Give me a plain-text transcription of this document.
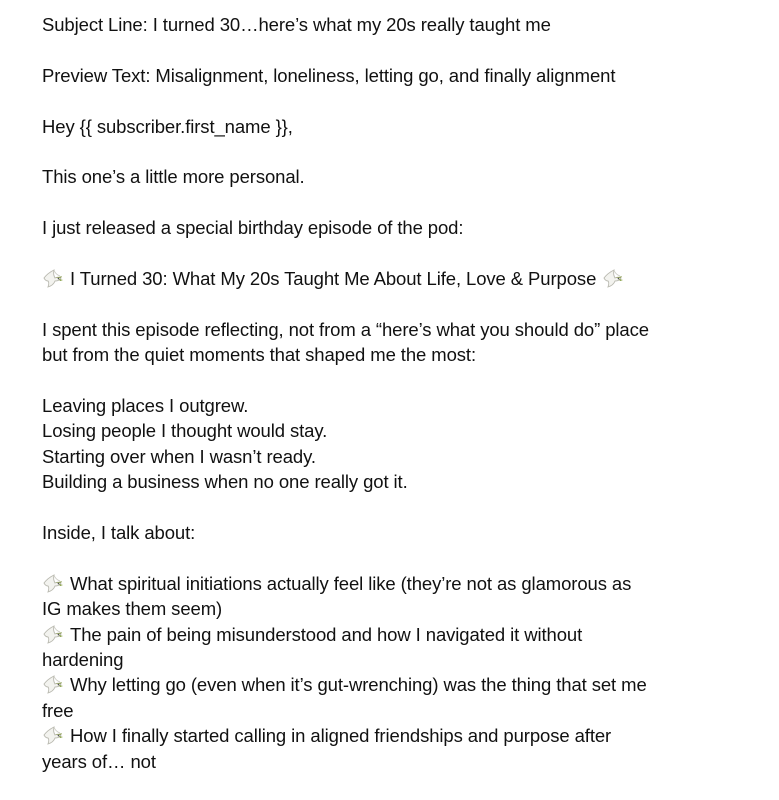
Subject Line: I turned 30…here’s what my 20s really taught me

Preview Text: Misalignment, loneliness, letting go, and finally alignment

Hey {{ subscriber.first_name }},

This one’s a little more personal.

I just released a special birthday episode of the pod:

I Turned 30: What My 20s Taught Me About Life, Love & Purpose

I spent this episode reflecting, not from a “here’s what you should do” place
but from the quiet moments that shaped me the most:

Leaving places I outgrew.
Losing people I thought would stay.
Starting over when I wasn’t ready.
Building a business when no one really got it.

Inside, I talk about:

What spiritual initiations actually feel like (they’re not as glamorous as
IG makes them seem)
The pain of being misunderstood and how I navigated it without
hardening
Why letting go (even when it’s gut-wrenching) was the thing that set me
free
How I finally started calling in aligned friendships and purpose after
years of… not
